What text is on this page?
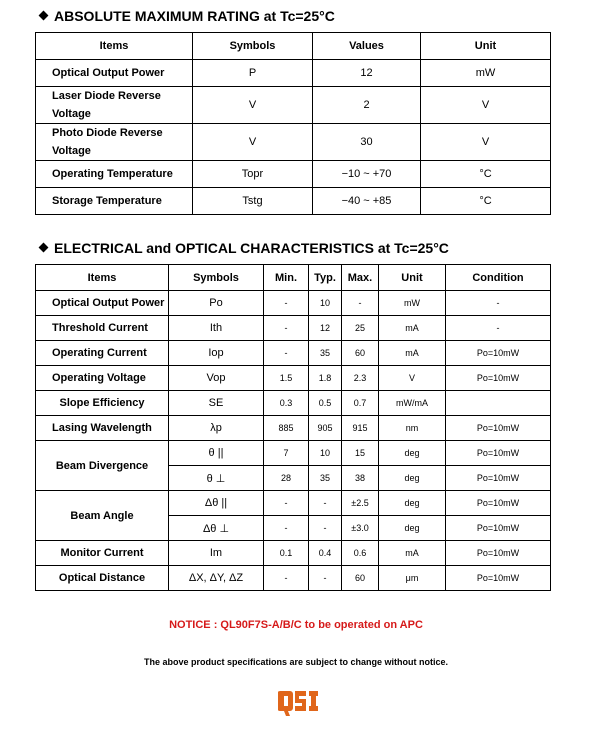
ABSOLUTE MAXIMUM RATING at Tc=25°C
Items	Symbols	Values	Unit
Optical Output Power	P	12	mW
Laser Diode Reverse Voltage	V	2	V
Photo Diode Reverse Voltage	V	30	V
Operating Temperature	Topr	−10 ~ +70	°C
Storage Temperature	Tstg	−40 ~ +85	°C
ELECTRICAL and OPTICAL CHARACTERISTICS at Tc=25°C
Items	Symbols	Min.	Typ.	Max.	Unit	Condition
Optical Output Power	Po	-	10	-	mW	-
Threshold Current	Ith	-	12	25	mA	-
Operating Current	Iop	-	35	60	mA	Po=10mW
Operating Voltage	Vop	1.5	1.8	2.3	V	Po=10mW
Slope Efficiency	SE	0.3	0.5	0.7	mW/mA	
Lasing Wavelength	λp	885	905	915	nm	Po=10mW
Beam Divergence	θ ||	7	10	15	deg	Po=10mW
	θ ⊥	28	35	38	deg	Po=10mW
Beam Angle	Δθ ||	-	-	±2.5	deg	Po=10mW
	Δθ ⊥	-	-	±3.0	deg	Po=10mW
Monitor Current	Im	0.1	0.4	0.6	mA	Po=10mW
Optical Distance	ΔX, ΔY, ΔZ	-	-	60	μm	Po=10mW
NOTICE : QL90F7S-A/B/C to be operated on APC
The above product specifications are subject to change without notice.
